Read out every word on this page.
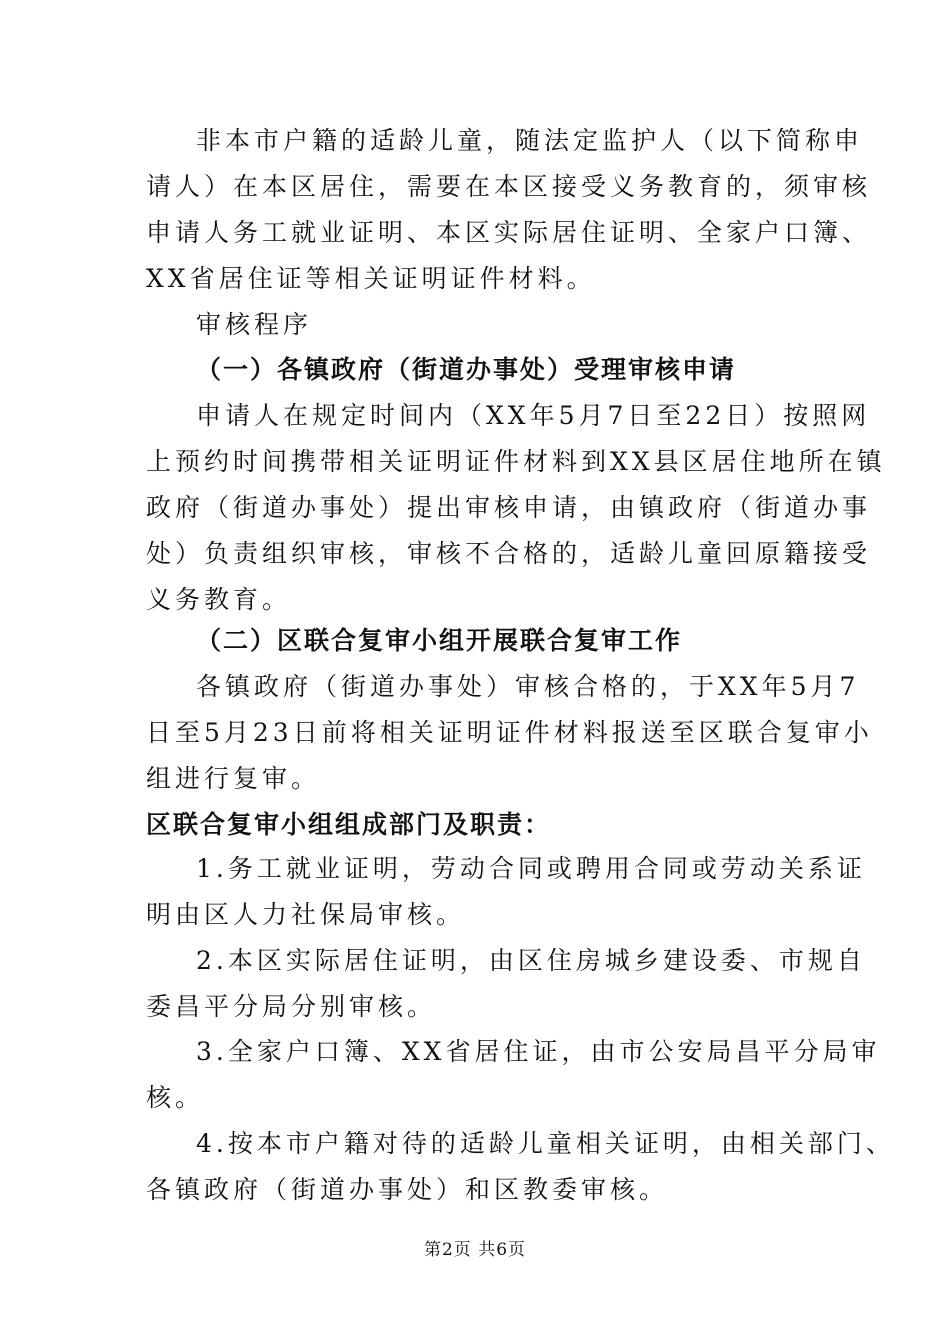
非本市户籍的适龄儿童，随法定监护人（以下简称申
请人）在本区居住，需要在本区接受义务教育的，须审核
申请人务工就业证明、本区实际居住证明、全家户口簿、
XX省居住证等相关证明证件材料。
审核程序
（一）各镇政府（街道办事处）受理审核申请
申请人在规定时间内（XX年5月7日至22日）按照网
上预约时间携带相关证明证件材料到XX县区居住地所在镇
政府（街道办事处）提出审核申请，由镇政府（街道办事
处）负责组织审核，审核不合格的，适龄儿童回原籍接受
义务教育。
（二）区联合复审小组开展联合复审工作
各镇政府（街道办事处）审核合格的，于XX年5月7
日至5月23日前将相关证明证件材料报送至区联合复审小
组进行复审。
区联合复审小组组成部门及职责：
1.务工就业证明，劳动合同或聘用合同或劳动关系证
明由区人力社保局审核。
2.本区实际居住证明，由区住房城乡建设委、市规自
委昌平分局分别审核。
3.全家户口簿、XX省居住证，由市公安局昌平分局审
核。
4.按本市户籍对待的适龄儿童相关证明，由相关部门、
各镇政府（街道办事处）和区教委审核。
第2页 共6页
